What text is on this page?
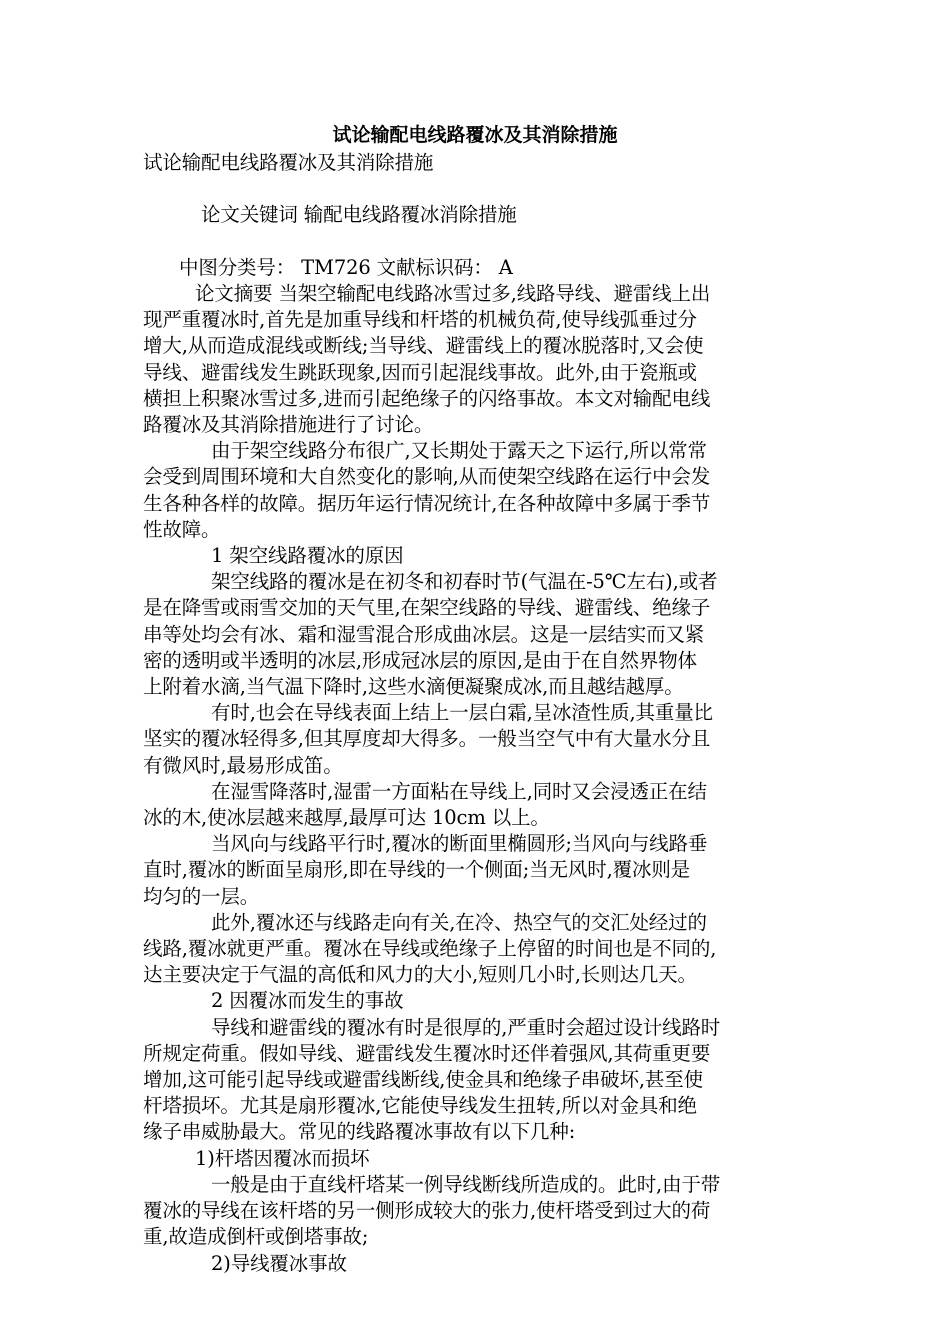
试论输配电线路覆冰及其消除措施

试论输配电线路覆冰及其消除措施

论文关键词 输配电线路覆冰消除措施

中图分类号： TM726 文献标识码： A

论文摘要 当架空输配电线路冰雪过多,线路导线、避雷线上出

现严重覆冰时,首先是加重导线和杆塔的机械负荷,使导线弧垂过分

增大,从而造成混线或断线;当导线、避雷线上的覆冰脱落时,又会使

导线、避雷线发生跳跃现象,因而引起混线事故。此外,由于瓷瓶或

横担上积聚冰雪过多,进而引起绝缘子的闪络事故。本文对输配电线

路覆冰及其消除措施进行了讨论。

由于架空线路分布很广,又长期处于露天之下运行,所以常常

会受到周围环境和大自然变化的影响,从而使架空线路在运行中会发

生各种各样的故障。据历年运行情况统计,在各种故障中多属于季节

性故障。

1 架空线路覆冰的原因

架空线路的覆冰是在初冬和初春时节(气温在-5℃左右),或者

是在降雪或雨雪交加的天气里,在架空线路的导线、避雷线、绝缘子

串等处均会有冰、霜和湿雪混合形成曲冰层。这是一层结实而又紧

密的透明或半透明的冰层,形成冠冰层的原因,是由于在自然界物体

上附着水滴,当气温下降时,这些水滴便凝聚成冰,而且越结越厚。

有时,也会在导线表面上结上一层白霜,呈冰渣性质,其重量比

坚实的覆冰轻得多,但其厚度却大得多。一般当空气中有大量水分且

有微风时,最易形成笛。

在湿雪降落时,湿雷一方面粘在导线上,同时又会浸透正在结

冰的木,使冰层越来越厚,最厚可达 10cm 以上。

当风向与线路平行时,覆冰的断面里椭圆形;当风向与线路垂

直时,覆冰的断面呈扇形,即在导线的一个侧面;当无风时,覆冰则是

均匀的一层。

此外,覆冰还与线路走向有关,在冷、热空气的交汇处经过的

线路,覆冰就更严重。覆冰在导线或绝缘子上停留的时间也是不同的,

达主要决定于气温的高低和风力的大小,短则几小时,长则达几天。

2 因覆冰而发生的事故

导线和避雷线的覆冰有时是很厚的,严重时会超过设计线路时

所规定荷重。假如导线、避雷线发生覆冰时还伴着强风,其荷重更要

增加,这可能引起导线或避雷线断线,使金具和绝缘子串破坏,甚至使

杆塔损坏。尤其是扇形覆冰,它能使导线发生扭转,所以对金具和绝

缘子串威胁最大。常见的线路覆冰事故有以下几种:

1)杆塔因覆冰而损坏

一般是由于直线杆塔某一例导线断线所造成的。此时,由于带

覆冰的导线在该杆塔的另一侧形成较大的张力,使杆塔受到过大的荷

重,故造成倒杆或倒塔事故;

2)导线覆冰事故
